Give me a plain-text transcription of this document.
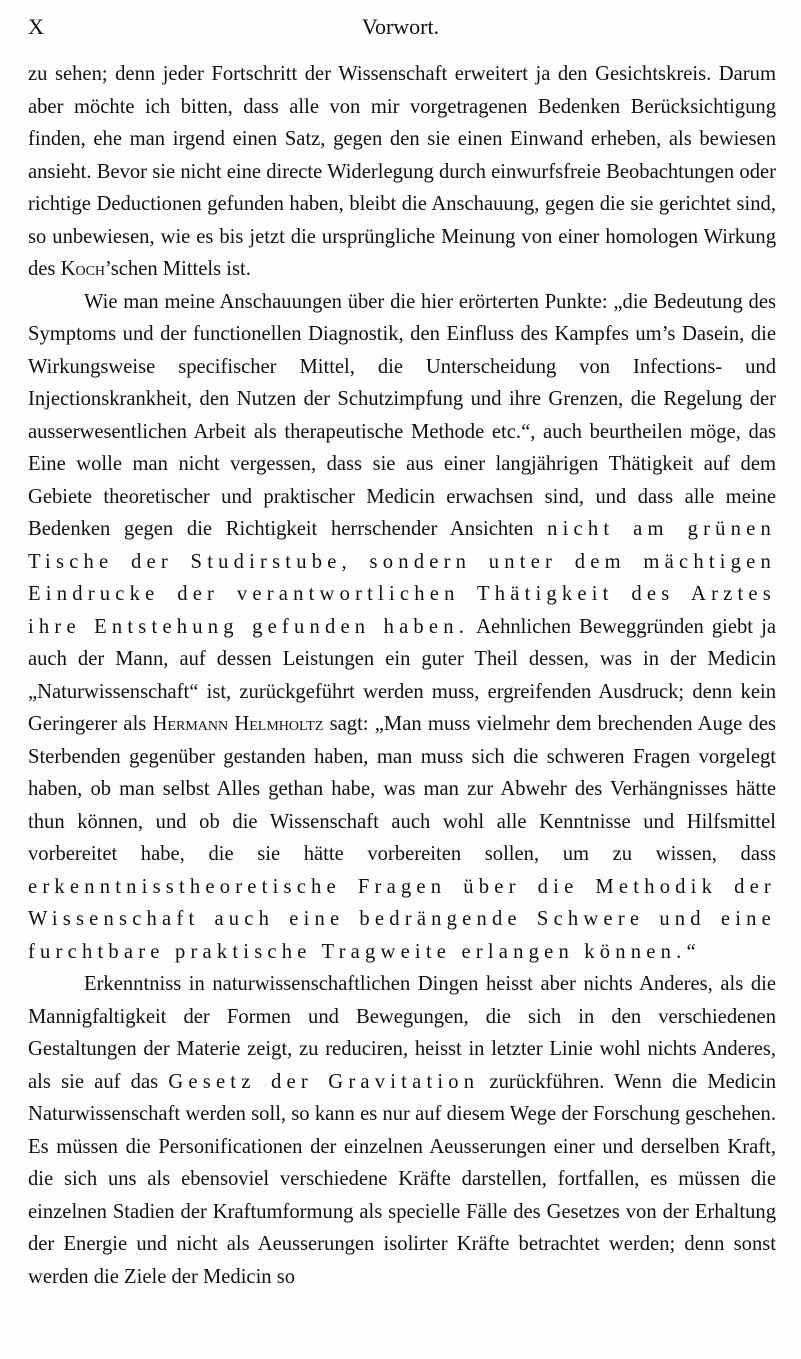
X	Vorwort.

zu sehen; denn jeder Fortschritt der Wissenschaft erweitert ja den Gesichtskreis. Darum aber möchte ich bitten, dass alle von mir vorgetragenen Bedenken Berücksichtigung finden, ehe man irgend einen Satz, gegen den sie einen Einwand erheben, als bewiesen ansieht. Bevor sie nicht eine directe Widerlegung durch einwurfsfreie Beobachtungen oder richtige Deductionen gefunden haben, bleibt die Anschauung, gegen die sie gerichtet sind, so unbewiesen, wie es bis jetzt die ursprüngliche Meinung von einer homologen Wirkung des Koch’schen Mittels ist.

Wie man meine Anschauungen über die hier erörterten Punkte: „die Bedeutung des Symptoms und der functionellen Diagnostik, den Einfluss des Kampfes um’s Dasein, die Wirkungsweise specifischer Mittel, die Unterscheidung von Infections- und Injectionskrankheit, den Nutzen der Schutzimpfung und ihre Grenzen, die Regelung der ausserwesentlichen Arbeit als therapeutische Methode etc.“, auch beurtheilen möge, das Eine wolle man nicht vergessen, dass sie aus einer langjährigen Thätigkeit auf dem Gebiete theoretischer und praktischer Medicin erwachsen sind, und dass alle meine Bedenken gegen die Richtigkeit herrschender Ansichten nicht am grünen Tische der Studirstube, sondern unter dem mächtigen Eindrucke der verantwortlichen Thätigkeit des Arztes ihre Entstehung gefunden haben. Aehnlichen Beweggründen giebt ja auch der Mann, auf dessen Leistungen ein guter Theil dessen, was in der Medicin „Naturwissenschaft“ ist, zurückgeführt werden muss, ergreifenden Ausdruck; denn kein Geringerer als Hermann Helmholtz sagt: „Man muss vielmehr dem brechenden Auge des Sterbenden gegenüber gestanden haben, man muss sich die schweren Fragen vorgelegt haben, ob man selbst Alles gethan habe, was man zur Abwehr des Verhängnisses hätte thun können, und ob die Wissenschaft auch wohl alle Kenntnisse und Hilfsmittel vorbereitet habe, die sie hätte vorbereiten sollen, um zu wissen, dass erkenntnisstheoretische Fragen über die Methodik der Wissenschaft auch eine bedrängende Schwere und eine furchtbare praktische Tragweite erlangen können.“

Erkenntniss in naturwissenschaftlichen Dingen heisst aber nichts Anderes, als die Mannigfaltigkeit der Formen und Bewegungen, die sich in den verschiedenen Gestaltungen der Materie zeigt, zu reduciren, heisst in letzter Linie wohl nichts Anderes, als sie auf das Gesetz der Gravitation zurückführen. Wenn die Medicin Naturwissenschaft werden soll, so kann es nur auf diesem Wege der Forschung geschehen. Es müssen die Personificationen der einzelnen Aeusserungen einer und derselben Kraft, die sich uns als ebensoviel verschiedene Kräfte darstellen, fortfallen, es müssen die einzelnen Stadien der Kraftumformung als specielle Fälle des Gesetzes von der Erhaltung der Energie und nicht als Aeusserungen isolirter Kräfte betrachtet werden; denn sonst werden die Ziele der Medicin so
